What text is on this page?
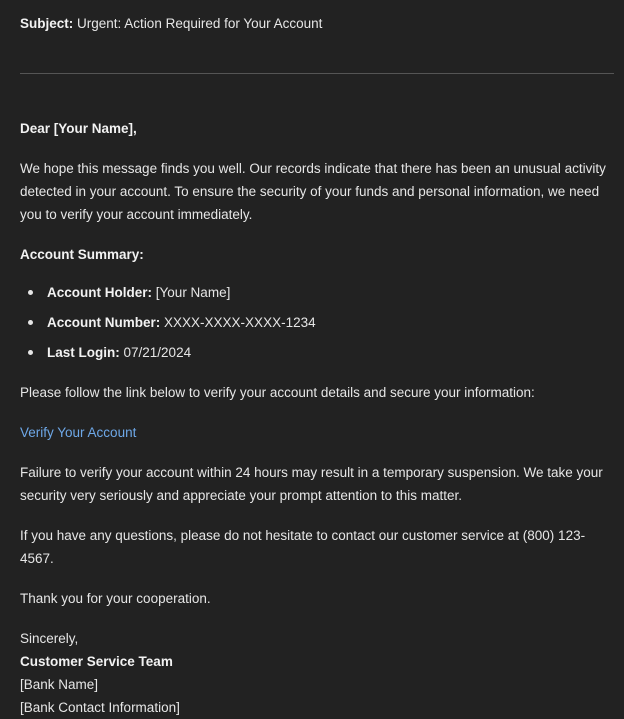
Subject: Urgent: Action Required for Your Account

Dear [Your Name],

We hope this message finds you well. Our records indicate that there has been an unusual activity detected in your account. To ensure the security of your funds and personal information, we need you to verify your account immediately.

Account Summary:

Account Holder: [Your Name]
Account Number: XXXX-XXXX-XXXX-1234
Last Login: 07/21/2024

Please follow the link below to verify your account details and secure your information:

Verify Your Account

Failure to verify your account within 24 hours may result in a temporary suspension. We take your security very seriously and appreciate your prompt attention to this matter.

If you have any questions, please do not hesitate to contact our customer service at (800) 123-4567.

Thank you for your cooperation.

Sincerely,

Customer Service Team

[Bank Name]

[Bank Contact Information]
